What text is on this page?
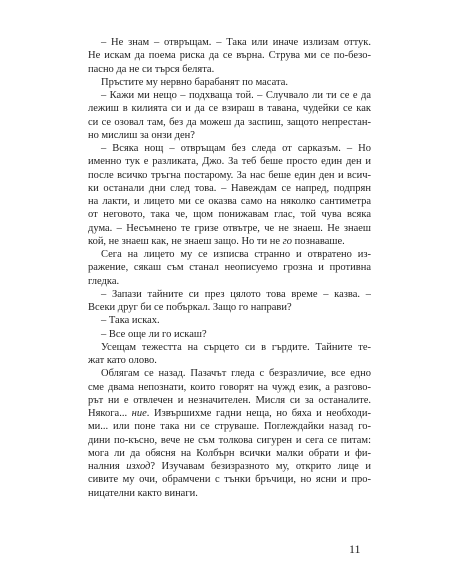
– Не знам – отвръщам. – Така или иначе излизам оттук.
Не искам да поема риска да се върна. Струва ми се по-безо-
пасно да не си търся белята.
Пръстите му нервно барабанят по масата.
– Кажи ми нещо – подхваща той. – Случвало ли ти се е да
лежиш в килията си и да се взираш в тавана, чудейки се как
си се озовал там, без да можеш да заспиш, защото непрестан-
но мислиш за онзи ден?
– Всяка нощ – отвръщам без следа от сарказъм. – Но
именно тук е разликата, Джо. За теб беше просто един ден и
после всичко тръгна постарому. За нас беше един ден и всич-
ки останали дни след това. – Навеждам се напред, подпрян
на лакти, и лицето ми се оказва само на няколко сантиметра
от неговото, така че, щом понижавам глас, той чува всяка
дума. – Несъмнено те гризе отвътре, че не знаеш. Не знаеш
кой, не знаеш как, не знаеш защо. Но ти не го познаваше.
Сега на лицето му се изписва странно и отвратено из-
ражение, сякаш съм станал неописуемо грозна и противна
гледка.
– Запази тайните си през цялото това време – казва. –
Всеки друг би се побъркал. Защо го направи?
– Така исках.
– Все още ли го искаш?
Усещам тежестта на сърцето си в гърдите. Тайните те-
жат като олово.
Облягам се назад. Пазачът гледа с безразличие, все едно
сме двама непознати, които говорят на чужд език, а разгово-
рът ни е отвлечен и незначителен. Мисля си за останалите.
Някога... ние. Извършихме гадни неща, но бяха и необходи-
ми... или поне така ни се струваше. Поглеждайки назад го-
дини по-късно, вече не съм толкова сигурен и сега се питам:
могa ли да обясня на Колбърн всички малки обрати и фи-
налния изход? Изучавам безизразното му, открито лице и
сивите му очи, обрамчени с тънки бръчици, но ясни и про-
ницателни както винаги.
11
